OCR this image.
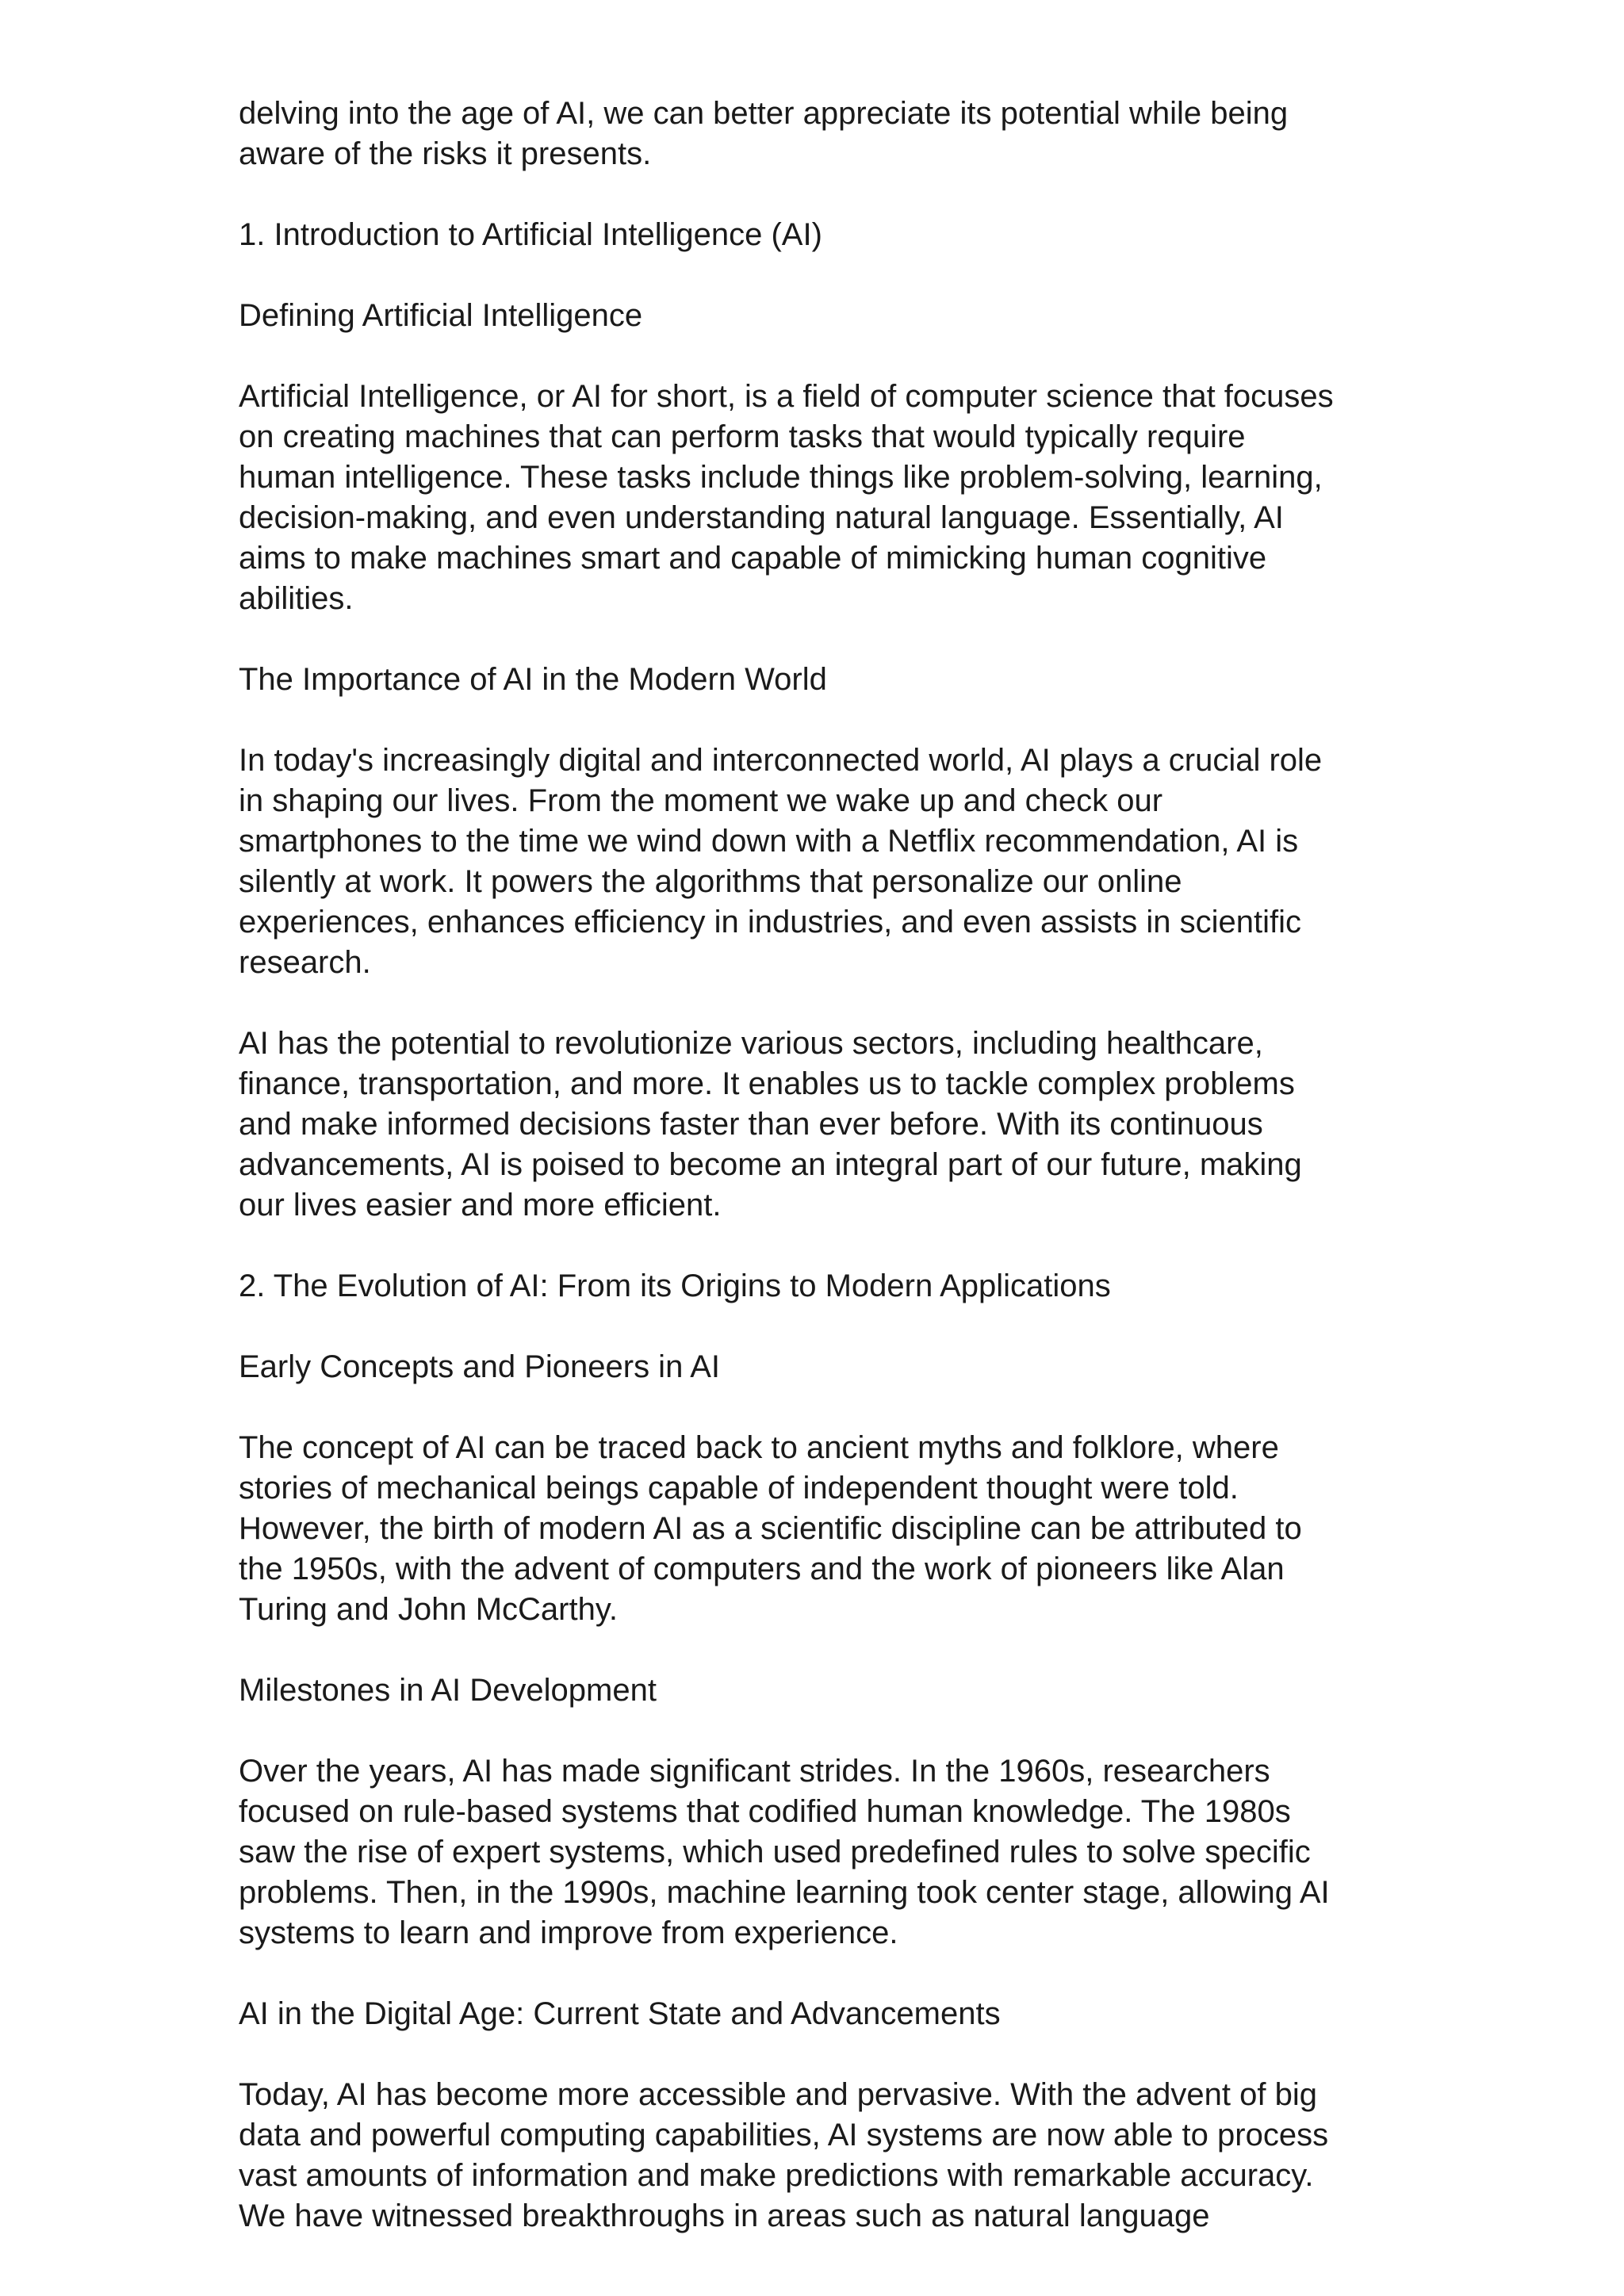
delving into the age of AI, we can better appreciate its potential while being
aware of the risks it presents.
1. Introduction to Artificial Intelligence (AI)
Defining Artificial Intelligence
Artificial Intelligence, or AI for short, is a field of computer science that focuses
on creating machines that can perform tasks that would typically require
human intelligence. These tasks include things like problem-solving, learning,
decision-making, and even understanding natural language. Essentially, AI
aims to make machines smart and capable of mimicking human cognitive
abilities.
The Importance of AI in the Modern World
In today's increasingly digital and interconnected world, AI plays a crucial role
in shaping our lives. From the moment we wake up and check our
smartphones to the time we wind down with a Netflix recommendation, AI is
silently at work. It powers the algorithms that personalize our online
experiences, enhances efficiency in industries, and even assists in scientific
research.
AI has the potential to revolutionize various sectors, including healthcare,
finance, transportation, and more. It enables us to tackle complex problems
and make informed decisions faster than ever before. With its continuous
advancements, AI is poised to become an integral part of our future, making
our lives easier and more efficient.
2. The Evolution of AI: From its Origins to Modern Applications
Early Concepts and Pioneers in AI
The concept of AI can be traced back to ancient myths and folklore, where
stories of mechanical beings capable of independent thought were told.
However, the birth of modern AI as a scientific discipline can be attributed to
the 1950s, with the advent of computers and the work of pioneers like Alan
Turing and John McCarthy.
Milestones in AI Development
Over the years, AI has made significant strides. In the 1960s, researchers
focused on rule-based systems that codified human knowledge. The 1980s
saw the rise of expert systems, which used predefined rules to solve specific
problems. Then, in the 1990s, machine learning took center stage, allowing AI
systems to learn and improve from experience.
AI in the Digital Age: Current State and Advancements
Today, AI has become more accessible and pervasive. With the advent of big
data and powerful computing capabilities, AI systems are now able to process
vast amounts of information and make predictions with remarkable accuracy.
We have witnessed breakthroughs in areas such as natural language
